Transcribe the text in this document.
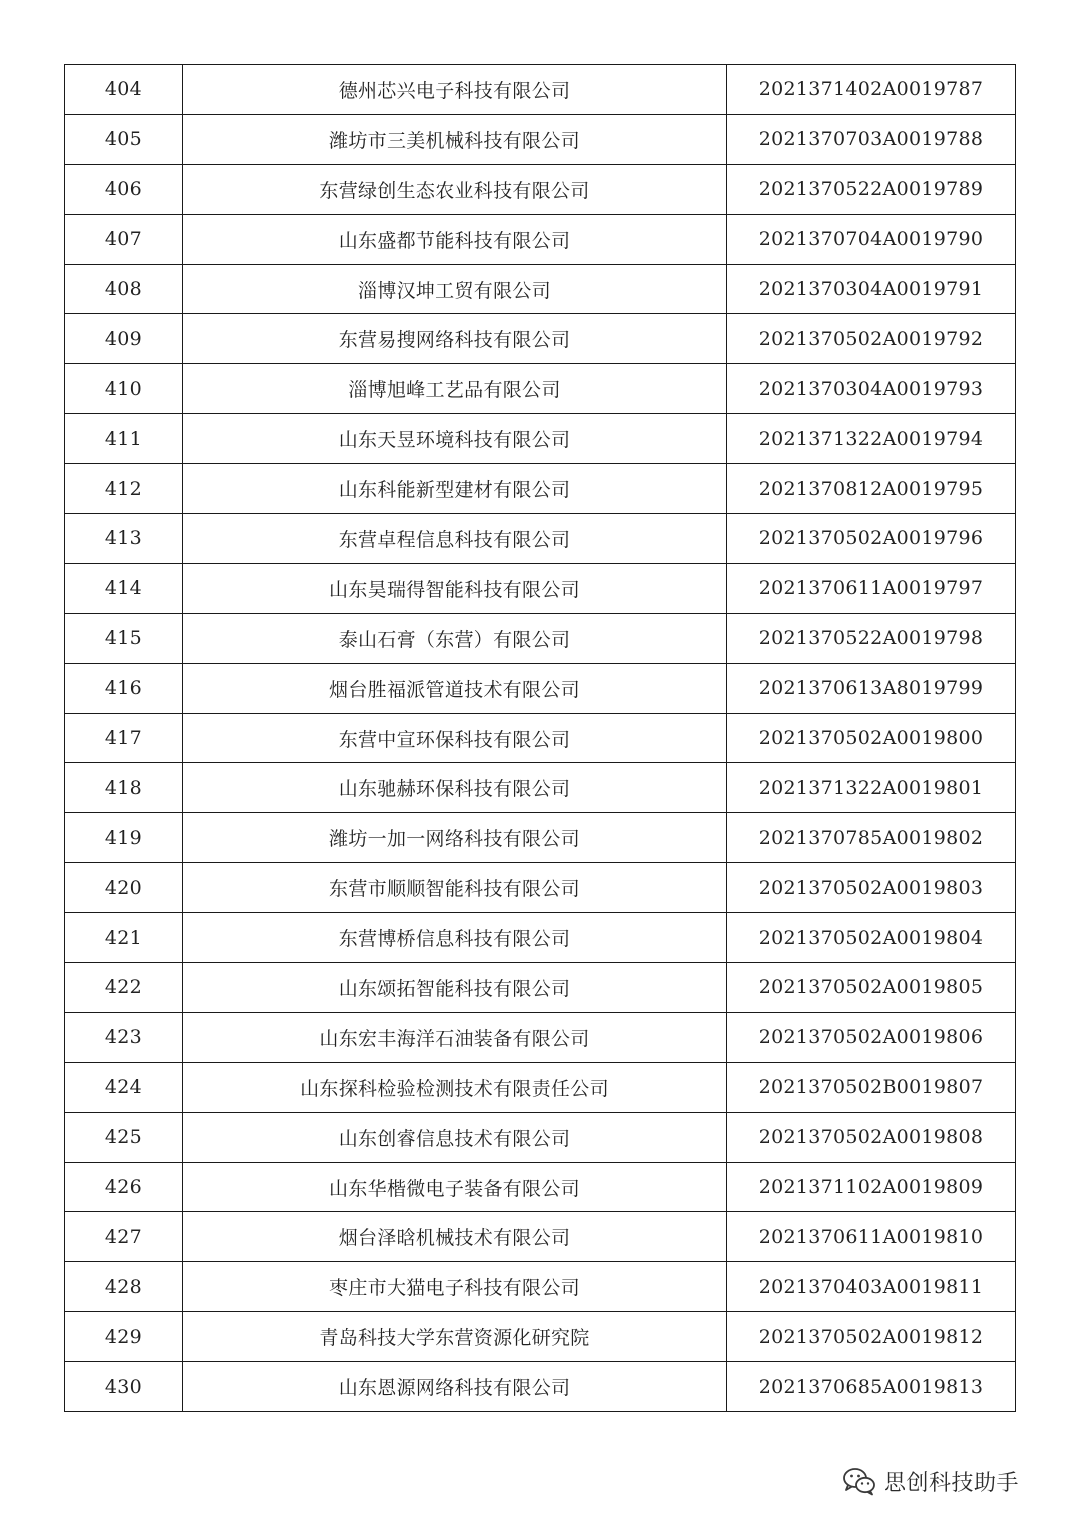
404	德州芯兴电子科技有限公司	2021371402A0019787
405	潍坊市三美机械科技有限公司	2021370703A0019788
406	东营绿创生态农业科技有限公司	2021370522A0019789
407	山东盛都节能科技有限公司	2021370704A0019790
408	淄博汉坤工贸有限公司	2021370304A0019791
409	东营易搜网络科技有限公司	2021370502A0019792
410	淄博旭峰工艺品有限公司	2021370304A0019793
411	山东天昱环境科技有限公司	2021371322A0019794
412	山东科能新型建材有限公司	2021370812A0019795
413	东营卓程信息科技有限公司	2021370502A0019796
414	山东昊瑞得智能科技有限公司	2021370611A0019797
415	泰山石膏（东营）有限公司	2021370522A0019798
416	烟台胜福派管道技术有限公司	2021370613A8019799
417	东营中宣环保科技有限公司	2021370502A0019800
418	山东驰赫环保科技有限公司	2021371322A0019801
419	潍坊一加一网络科技有限公司	2021370785A0019802
420	东营市顺顺智能科技有限公司	2021370502A0019803
421	东营博桥信息科技有限公司	2021370502A0019804
422	山东颂拓智能科技有限公司	2021370502A0019805
423	山东宏丰海洋石油装备有限公司	2021370502A0019806
424	山东探科检验检测技术有限责任公司	2021370502B0019807
425	山东创睿信息技术有限公司	2021370502A0019808
426	山东华楷微电子装备有限公司	2021371102A0019809
427	烟台泽晗机械技术有限公司	2021370611A0019810
428	枣庄市大猫电子科技有限公司	2021370403A0019811
429	青岛科技大学东营资源化研究院	2021370502A0019812
430	山东恩源网络科技有限公司	2021370685A0019813
思创科技助手
